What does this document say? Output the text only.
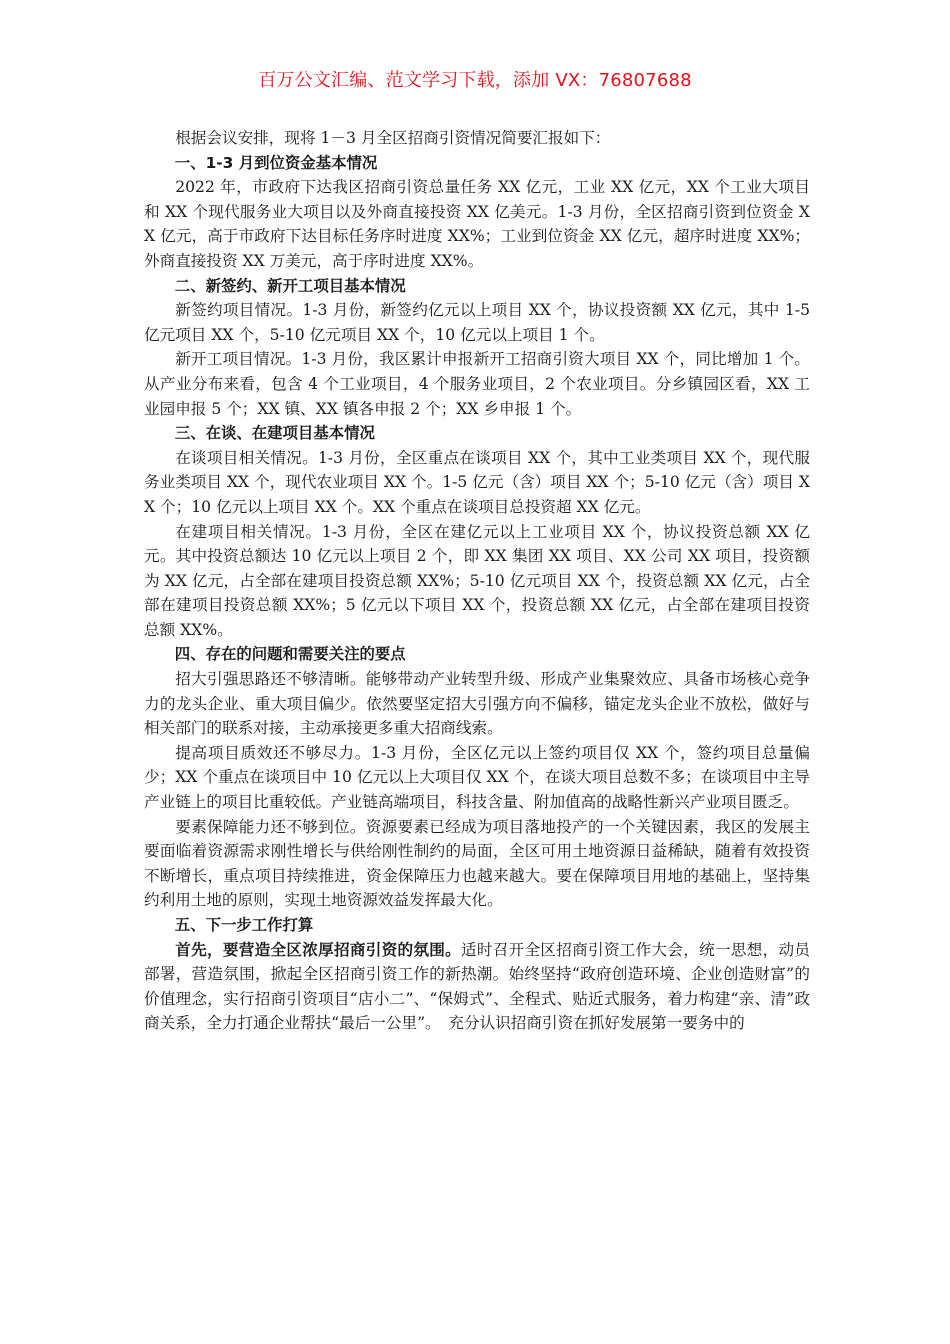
百万公文汇编、范文学习下载，添加 VX：76807688

根据会议安排，现将 1－3 月全区招商引资情况简要汇报如下：

一、1-3 月到位资金基本情况

2022 年，市政府下达我区招商引资总量任务 XX 亿元，工业 XX 亿元，XX 个工业大项目和 XX 个现代服务业大项目以及外商直接投资 XX 亿美元。1-3 月份，全区招商引资到位资金 XX 亿元，高于市政府下达目标任务序时进度 XX%；工业到位资金 XX 亿元，超序时进度 XX%；外商直接投资 XX 万美元，高于序时进度 XX%。

二、新签约、新开工项目基本情况

新签约项目情况。1-3 月份，新签约亿元以上项目 XX 个，协议投资额 XX 亿元，其中 1-5 亿元项目 XX 个，5-10 亿元项目 XX 个，10 亿元以上项目 1 个。

新开工项目情况。1-3 月份，我区累计申报新开工招商引资大项目 XX 个，同比增加 1 个。从产业分布来看，包含 4 个工业项目，4 个服务业项目，2 个农业项目。分乡镇园区看，XX 工业园申报 5 个；XX 镇、XX 镇各申报 2 个；XX 乡申报 1 个。

三、在谈、在建项目基本情况

在谈项目相关情况。1-3 月份，全区重点在谈项目 XX 个，其中工业类项目 XX 个，现代服务业类项目 XX 个，现代农业项目 XX 个。1-5 亿元（含）项目 XX 个；5-10 亿元（含）项目 XX 个；10 亿元以上项目 XX 个。XX 个重点在谈项目总投资超 XX 亿元。

在建项目相关情况。1-3 月份，全区在建亿元以上工业项目 XX 个，协议投资总额 XX 亿元。其中投资总额达 10 亿元以上项目 2 个，即 XX 集团 XX 项目、XX 公司 XX 项目，投资额为 XX 亿元，占全部在建项目投资总额 XX%；5-10 亿元项目 XX 个，投资总额 XX 亿元，占全部在建项目投资总额 XX%；5 亿元以下项目 XX 个，投资总额 XX 亿元，占全部在建项目投资总额 XX%。

四、存在的问题和需要关注的要点

招大引强思路还不够清晰。能够带动产业转型升级、形成产业集聚效应、具备市场核心竞争力的龙头企业、重大项目偏少。依然要坚定招大引强方向不偏移，锚定龙头企业不放松，做好与相关部门的联系对接，主动承接更多重大招商线索。

提高项目质效还不够尽力。1-3 月份，全区亿元以上签约项目仅 XX 个，签约项目总量偏少；XX 个重点在谈项目中 10 亿元以上大项目仅 XX 个，在谈大项目总数不多；在谈项目中主导产业链上的项目比重较低。产业链高端项目，科技含量、附加值高的战略性新兴产业项目匮乏。

要素保障能力还不够到位。资源要素已经成为项目落地投产的一个关键因素，我区的发展主要面临着资源需求刚性增长与供给刚性制约的局面，全区可用土地资源日益稀缺，随着有效投资不断增长，重点项目持续推进，资金保障压力也越来越大。要在保障项目用地的基础上，坚持集约利用土地的原则，实现土地资源效益发挥最大化。

五、下一步工作打算

首先，要营造全区浓厚招商引资的氛围。适时召开全区招商引资工作大会，统一思想，动员　部署，营造氛围，掀起全区招商引资工作的新热潮。始终坚持“政府创造环境、企业创造财富”的价值理念，实行招商引资项目“店小二”、“保姆式”、全程式、贴近式服务，着力构建“亲、清”政商关系，全力打通企业帮扶“最后一公里”。　充分认识招商引资在抓好发展第一要务中的
